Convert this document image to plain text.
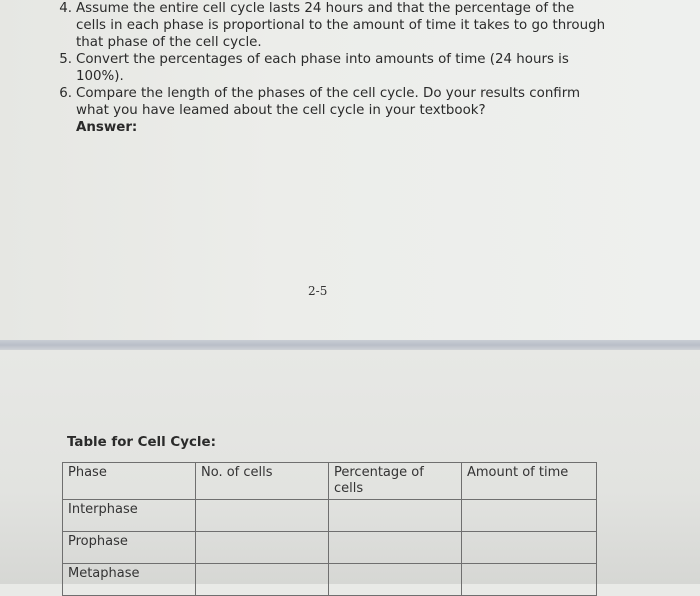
4. Assume the entire cell cycle lasts 24 hours and that the percentage of the cells in each phase is proportional to the amount of time it takes to go through that phase of the cell cycle.
5. Convert the percentages of each phase into amounts of time (24 hours is 100%).
6. Compare the length of the phases of the cell cycle. Do your results confirm what you have leamed about the cell cycle in your textbook?
Answer:
2-5
Table for Cell Cycle:
Phase	No. of cells	Percentage of cells	Amount of time
Interphase			
Prophase			
Metaphase			
